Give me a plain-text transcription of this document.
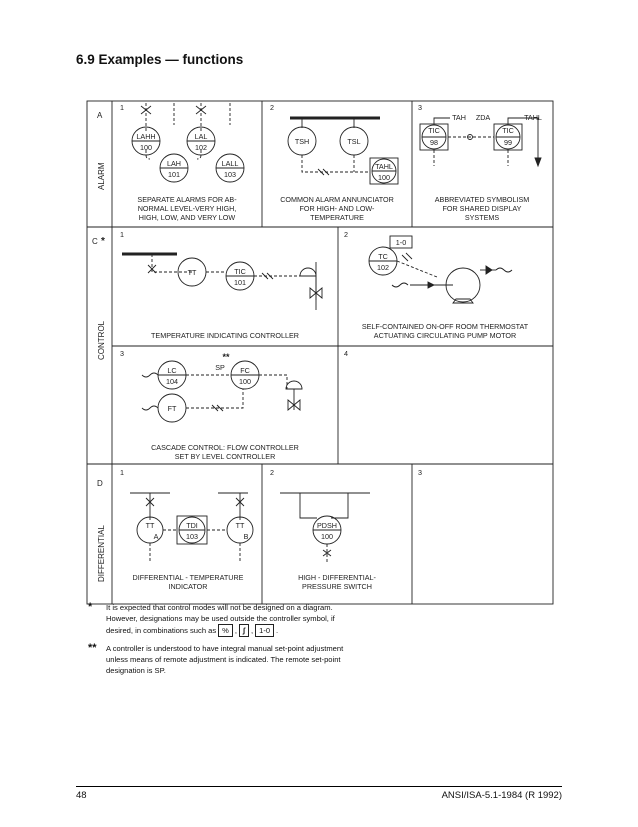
6.9 Examples — functions
A
C *
D
ALARM
CONTROL
DIFFERENTIAL
1	2	3
1	2
3	4
1	2	3
LAHH
100
LAL
102
LAH
101
LALL
103
TSH	TSL
TAHL
100
TAH ZDA	TAHL
TIC
98
TIC
99
TT	TIC
101
1-0
TC
102
**
SP
LC
104
FC
100
FT
TT
A
TDI
103
TT
B
PDSH
100
SEPARATE ALARMS FOR AB-
NORMAL LEVEL-VERY HIGH,
HIGH, LOW, AND VERY LOW
COMMON ALARM ANNUNCIATOR
FOR HIGH- AND LOW-
TEMPERATURE
ABBREVIATED SYMBOLISM
FOR SHARED DISPLAY
SYSTEMS
TEMPERATURE INDICATING CONTROLLER
SELF-CONTAINED ON-OFF ROOM THERMOSTAT
ACTUATING CIRCULATING PUMP MOTOR
CASCADE CONTROL: FLOW CONTROLLER
SET BY LEVEL CONTROLLER
DIFFERENTIAL - TEMPERATURE
INDICATOR
HIGH - DIFFERENTIAL-
PRESSURE SWITCH
* It is expected that control modes will not be designed on a diagram.
However, designations may be used outside the controller symbol, if
desired, in combinations such as % , ∫ , 1-0 .
** A controller is understood to have integral manual set-point adjustment
unless means of remote adjustment is indicated. The remote set-point
designation is SP.
48	ANSI/ISA-5.1-1984 (R 1992)
